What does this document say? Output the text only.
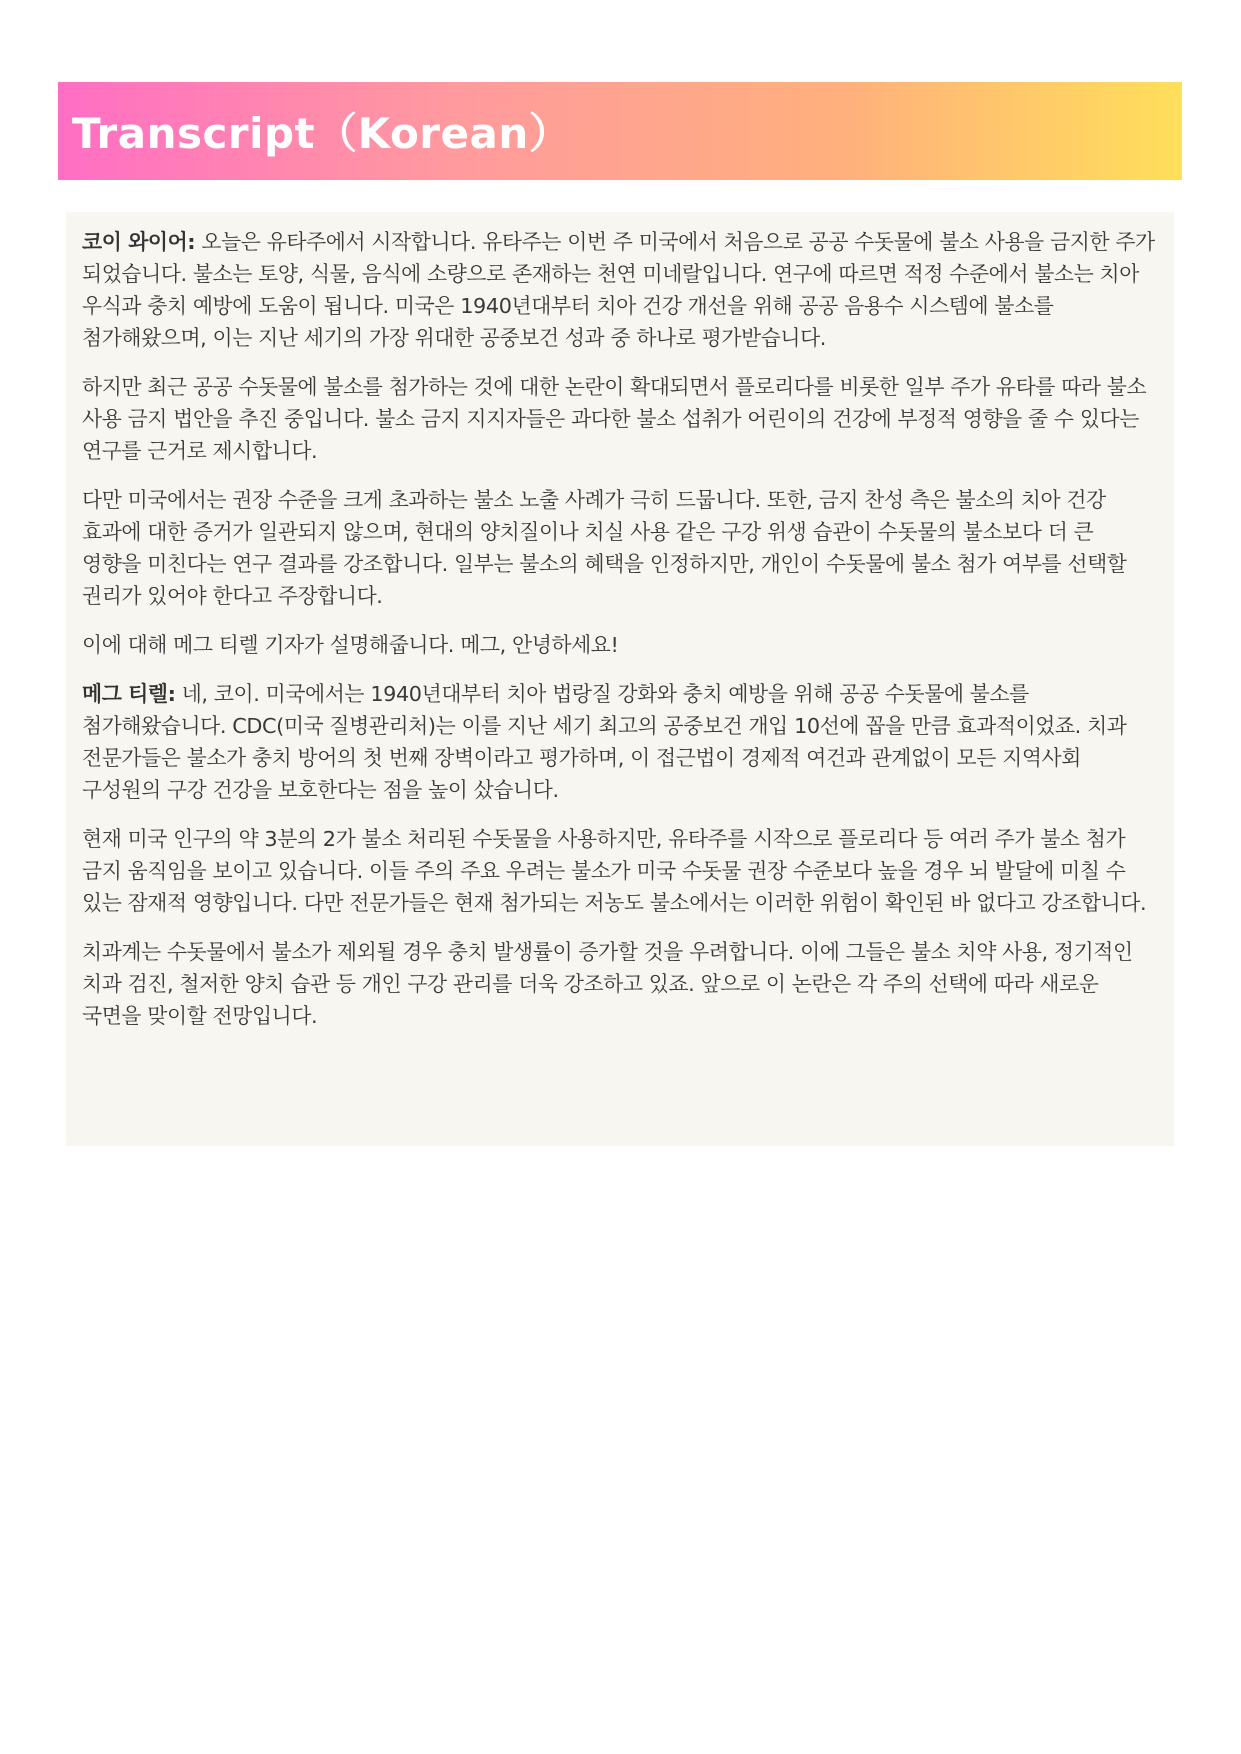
Transcript（Korean）

코이 와이어: 오늘은 유타주에서 시작합니다. 유타주는 이번 주 미국에서 처음으로 공공 수돗물에 불소 사용을 금지한 주가 되었습니다. 불소는 토양, 식물, 음식에 소량으로 존재하는 천연 미네랄입니다. 연구에 따르면 적정 수준에서 불소는 치아 우식과 충치 예방에 도움이 됩니다. 미국은 1940년대부터 치아 건강 개선을 위해 공공 음용수 시스템에 불소를 첨가해왔으며, 이는 지난 세기의 가장 위대한 공중보건 성과 중 하나로 평가받습니다.

하지만 최근 공공 수돗물에 불소를 첨가하는 것에 대한 논란이 확대되면서 플로리다를 비롯한 일부 주가 유타를 따라 불소 사용 금지 법안을 추진 중입니다. 불소 금지 지지자들은 과다한 불소 섭취가 어린이의 건강에 부정적 영향을 줄 수 있다는 연구를 근거로 제시합니다.

다만 미국에서는 권장 수준을 크게 초과하는 불소 노출 사례가 극히 드뭅니다. 또한, 금지 찬성 측은 불소의 치아 건강 효과에 대한 증거가 일관되지 않으며, 현대의 양치질이나 치실 사용 같은 구강 위생 습관이 수돗물의 불소보다 더 큰 영향을 미친다는 연구 결과를 강조합니다. 일부는 불소의 혜택을 인정하지만, 개인이 수돗물에 불소 첨가 여부를 선택할 권리가 있어야 한다고 주장합니다.

이에 대해 메그 티렐 기자가 설명해줍니다. 메그, 안녕하세요!

메그 티렐: 네, 코이. 미국에서는 1940년대부터 치아 법랑질 강화와 충치 예방을 위해 공공 수돗물에 불소를 첨가해왔습니다. CDC(미국 질병관리처)는 이를 지난 세기 최고의 공중보건 개입 10선에 꼽을 만큼 효과적이었죠. 치과 전문가들은 불소가 충치 방어의 첫 번째 장벽이라고 평가하며, 이 접근법이 경제적 여건과 관계없이 모든 지역사회 구성원의 구강 건강을 보호한다는 점을 높이 샀습니다.

현재 미국 인구의 약 3분의 2가 불소 처리된 수돗물을 사용하지만, 유타주를 시작으로 플로리다 등 여러 주가 불소 첨가 금지 움직임을 보이고 있습니다. 이들 주의 주요 우려는 불소가 미국 수돗물 권장 수준보다 높을 경우 뇌 발달에 미칠 수 있는 잠재적 영향입니다. 다만 전문가들은 현재 첨가되는 저농도 불소에서는 이러한 위험이 확인된 바 없다고 강조합니다.

치과계는 수돗물에서 불소가 제외될 경우 충치 발생률이 증가할 것을 우려합니다. 이에 그들은 불소 치약 사용, 정기적인 치과 검진, 철저한 양치 습관 등 개인 구강 관리를 더욱 강조하고 있죠. 앞으로 이 논란은 각 주의 선택에 따라 새로운 국면을 맞이할 전망입니다.
